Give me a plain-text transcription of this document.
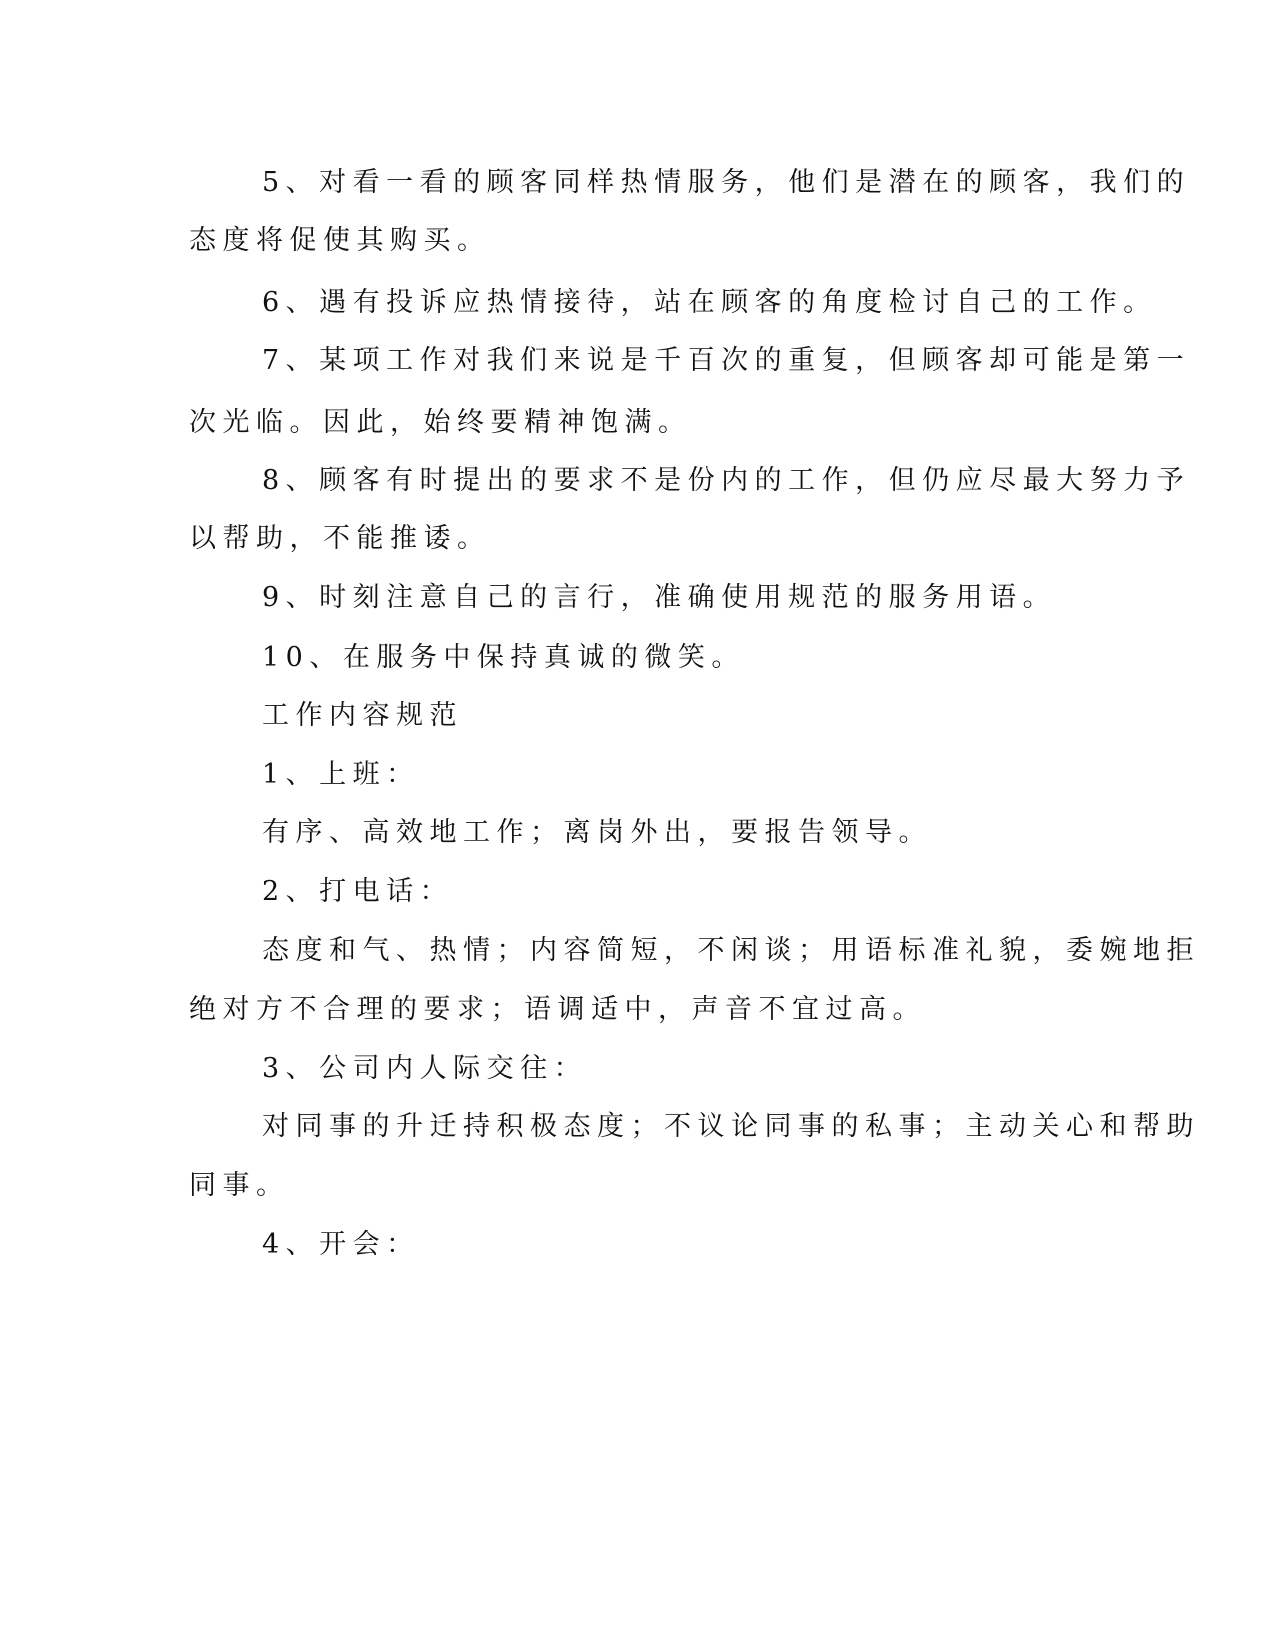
5、对看一看的顾客同样热情服务，他们是潜在的顾客，我们的

态度将促使其购买。

6、遇有投诉应热情接待，站在顾客的角度检讨自己的工作。

7、某项工作对我们来说是千百次的重复，但顾客却可能是第一

次光临。因此，始终要精神饱满。

8、顾客有时提出的要求不是份内的工作，但仍应尽最大努力予

以帮助，不能推诿。

9、时刻注意自己的言行，准确使用规范的服务用语。

10、在服务中保持真诚的微笑。

工作内容规范

1、上班：

有序、高效地工作；离岗外出，要报告领导。

2、打电话：

态度和气、热情；内容简短，不闲谈；用语标准礼貌，委婉地拒

绝对方不合理的要求；语调适中，声音不宜过高。

3、公司内人际交往：

对同事的升迁持积极态度；不议论同事的私事；主动关心和帮助

同事。

4、开会：
